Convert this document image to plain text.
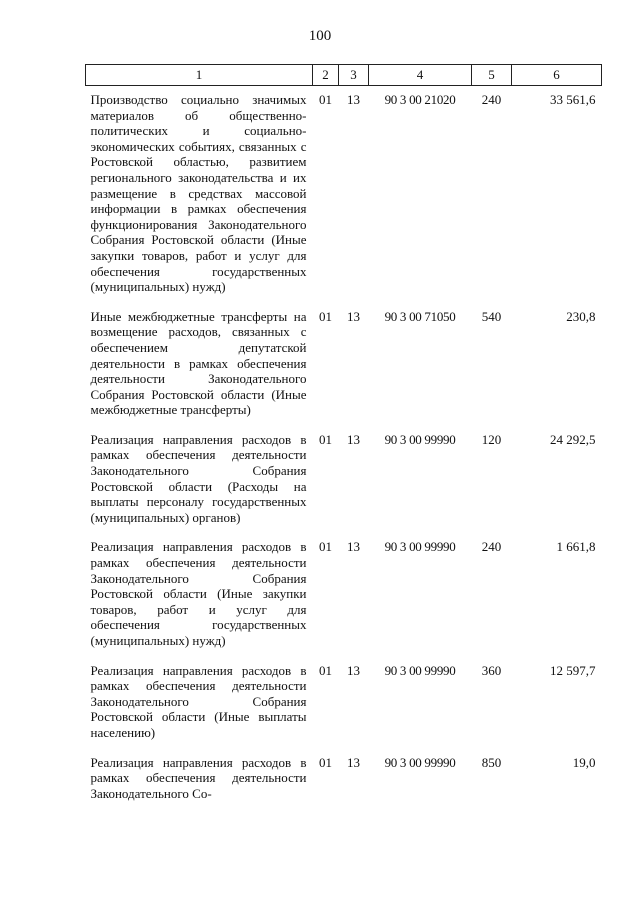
100
1	2	3	4	5	6
Производство социально значимых материалов об общественно-политических и социально-экономических событиях, связанных с Ростовской областью, развитием регионального законодательства и их размещение в средствах массовой информации в рамках обеспечения функционирования Законодательного Собрания Ростовской области (Иные закупки товаров, работ и услуг для обеспечения государственных (муниципальных) нужд)	01	13	90 3 00 21020	240	33 561,6
Иные межбюджетные трансферты на возмещение расходов, связанных с обеспечением депутатской деятельности в рамках обеспечения деятельности Законодательного Собрания Ростовской области (Иные межбюджетные трансферты)	01	13	90 3 00 71050	540	230,8
Реализация направления расходов в рамках обеспечения деятельности Законодательного Собрания Ростовской области (Расходы на выплаты персоналу государственных (муниципальных) органов)	01	13	90 3 00 99990	120	24 292,5
Реализация направления расходов в рамках обеспечения деятельности Законодательного Собрания Ростовской области (Иные закупки товаров, работ и услуг для обеспечения государственных (муниципальных) нужд)	01	13	90 3 00 99990	240	1 661,8
Реализация направления расходов в рамках обеспечения деятельности Законодательного Собрания Ростовской области (Иные выплаты населению)	01	13	90 3 00 99990	360	12 597,7
Реализация направления расходов в рамках обеспечения деятельности Законодательного Со-	01	13	90 3 00 99990	850	19,0
